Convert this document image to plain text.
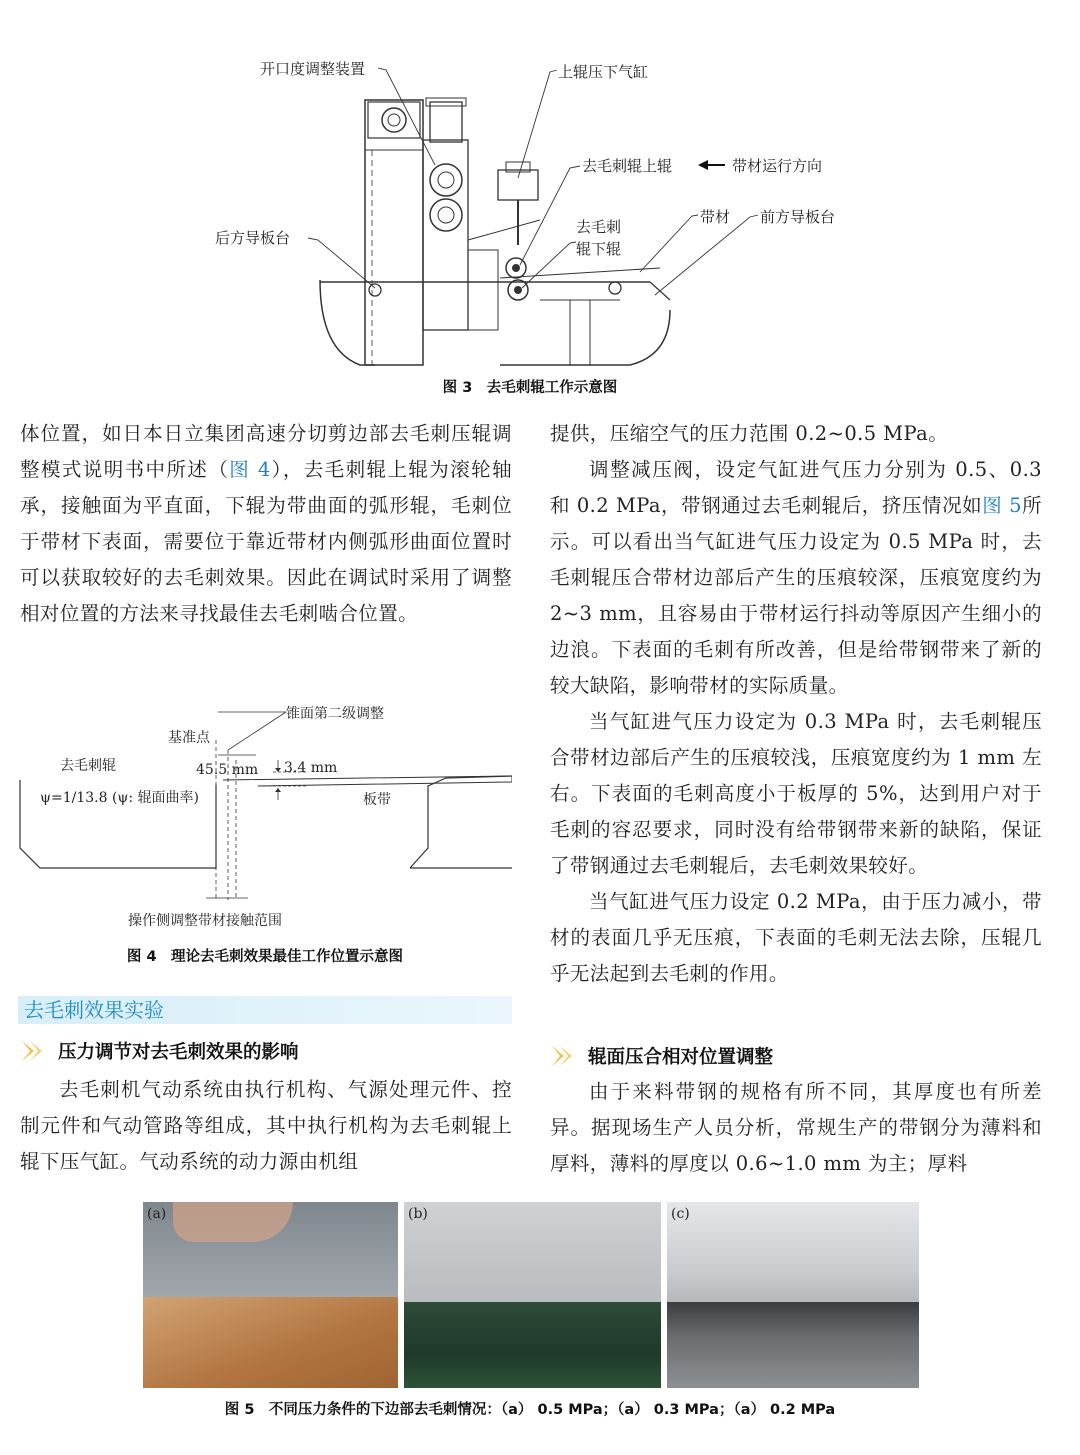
开口度调整装置	上辊压下气缸
去毛刺辊上辊	带材运行方向
后方导板台
去毛刺
辊下辊
带材 前方导板台
图 3　去毛刺辊工作示意图

体位置，如日本日立集团高速分切剪边部去毛刺压辊调整模式说明书中所述（图 4），去毛刺辊上辊为滚轮轴承，接触面为平直面，下辊为带曲面的弧形辊，毛刺位于带材下表面，需要位于靠近带材内侧弧形曲面位置时可以获取较好的去毛刺效果。因此在调试时采用了调整相对位置的方法来寻找最佳去毛刺啮合位置。

锥面第二级调整
基准点
去毛刺辊	45.5 mm 3.4 mm
ψ=1/13.8 (ψ: 辊面曲率)	板带
操作侧调整带材接触范围
图 4　理论去毛刺效果最佳工作位置示意图
去毛刺效果实验
压力调节对去毛刺效果的影响

去毛刺机气动系统由执行机构、气源处理元件、控制元件和气动管路等组成，其中执行机构为去毛刺辊上辊下压气缸。气动系统的动力源由机组

提供，压缩空气的压力范围 0.2~0.5 MPa。

调整减压阀，设定气缸进气压力分别为 0.5、0.3 和 0.2 MPa，带钢通过去毛刺辊后，挤压情况如图 5所示。可以看出当气缸进气压力设定为 0.5 MPa 时，去毛刺辊压合带材边部后产生的压痕较深，压痕宽度约为 2~3 mm，且容易由于带材运行抖动等原因产生细小的边浪。下表面的毛刺有所改善，但是给带钢带来了新的较大缺陷，影响带材的实际质量。

当气缸进气压力设定为 0.3 MPa 时，去毛刺辊压合带材边部后产生的压痕较浅，压痕宽度约为 1 mm 左右。下表面的毛刺高度小于板厚的 5%，达到用户对于毛刺的容忍要求，同时没有给带钢带来新的缺陷，保证了带钢通过去毛刺辊后，去毛刺效果较好。

当气缸进气压力设定 0.2 MPa，由于压力减小，带材的表面几乎无压痕，下表面的毛刺无法去除，压辊几乎无法起到去毛刺的作用。

辊面压合相对位置调整

由于来料带钢的规格有所不同，其厚度也有所差异。据现场生产人员分析，常规生产的带钢分为薄料和厚料，薄料的厚度以 0.6~1.0 mm 为主；厚料

(a)	(b)	(c)
图 5　不同压力条件的下边部去毛刺情况：（a） 0.5 MPa；（a） 0.3 MPa；（a） 0.2 MPa
